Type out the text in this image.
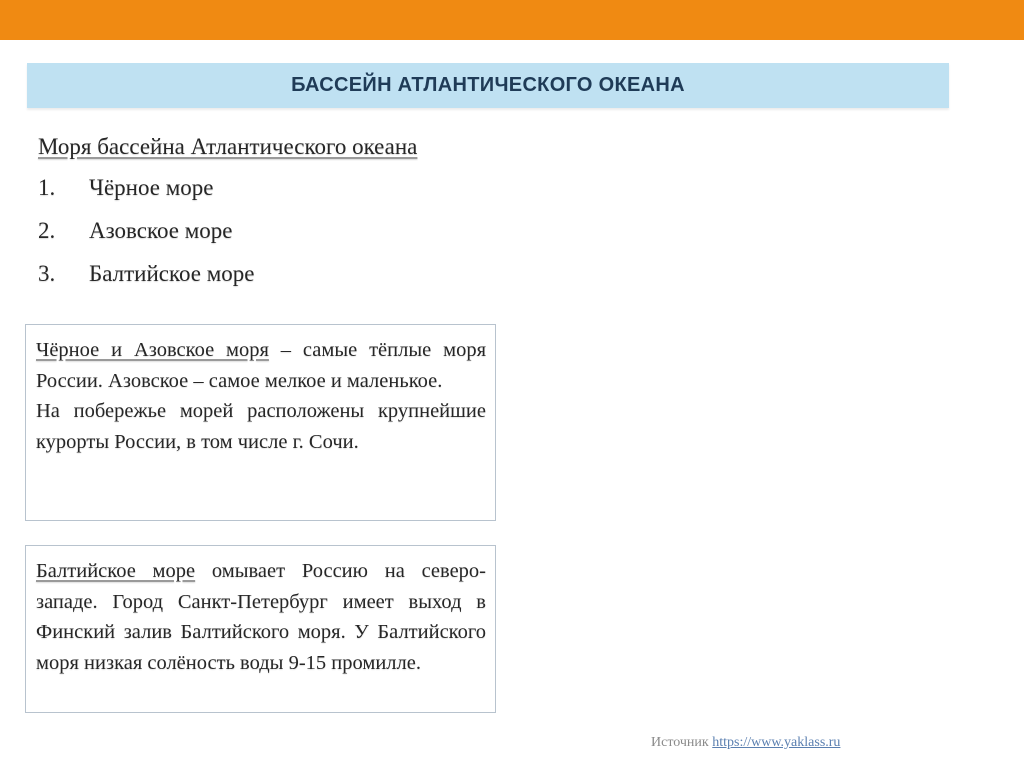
БАССЕЙН АТЛАНТИЧЕСКОГО ОКЕАНА
Моря бассейна Атлантического океана
1.	Чёрное море
2.	Азовское море
3.	Балтийское море

Чёрное и Азовское моря – самые тёплые моря России. Азовское – самое мелкое и маленькое.

На побережье морей расположены крупнейшие курорты России, в том числе г. Сочи.

Балтийское море омывает Россию на северо-западе. Город Санкт-Петербург имеет выход в Финский залив Балтийского моря. У Балтийского моря низкая солёность воды 9-15 промилле.

Источник https://www.yaklass.ru
